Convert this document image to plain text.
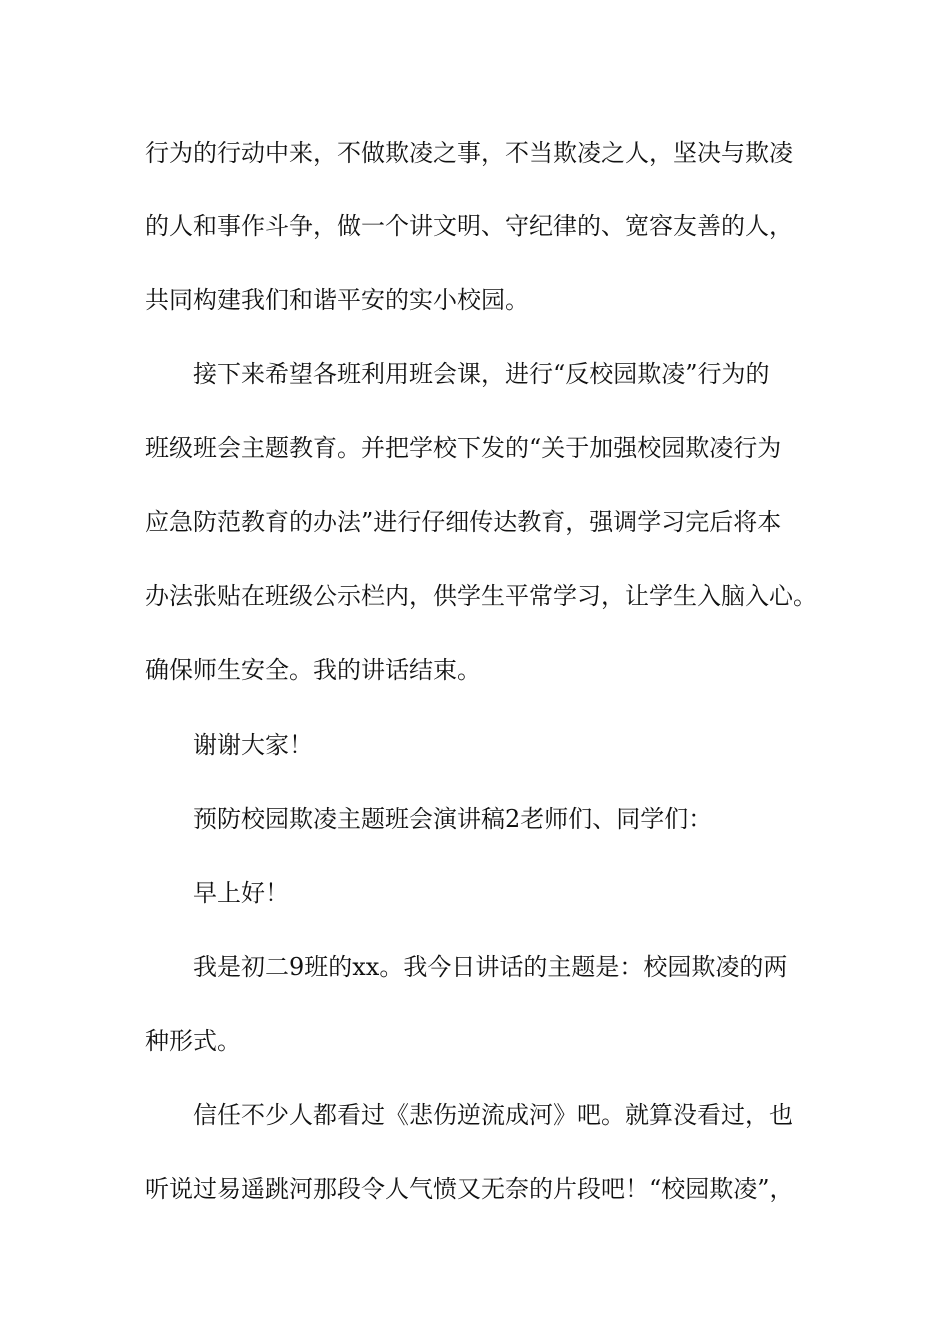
行为的行动中来，不做欺凌之事，不当欺凌之人，坚决与欺凌
的人和事作斗争，做一个讲文明、守纪律的、宽容友善的人，
共同构建我们和谐平安的实小校园。
接下来希望各班利用班会课，进行“反校园欺凌”行为的
班级班会主题教育。并把学校下发的“关于加强校园欺凌行为
应急防范教育的办法”进行仔细传达教育，强调学习完后将本
办法张贴在班级公示栏内，供学生平常学习，让学生入脑入心。
确保师生安全。我的讲话结束。
谢谢大家！
预防校园欺凌主题班会演讲稿2老师们、同学们：
早上好！
我是初二9班的xx。我今日讲话的主题是：校园欺凌的两
种形式。
信任不少人都看过《悲伤逆流成河》吧。就算没看过，也
听说过易遥跳河那段令人气愤又无奈的片段吧！“校园欺凌”，
